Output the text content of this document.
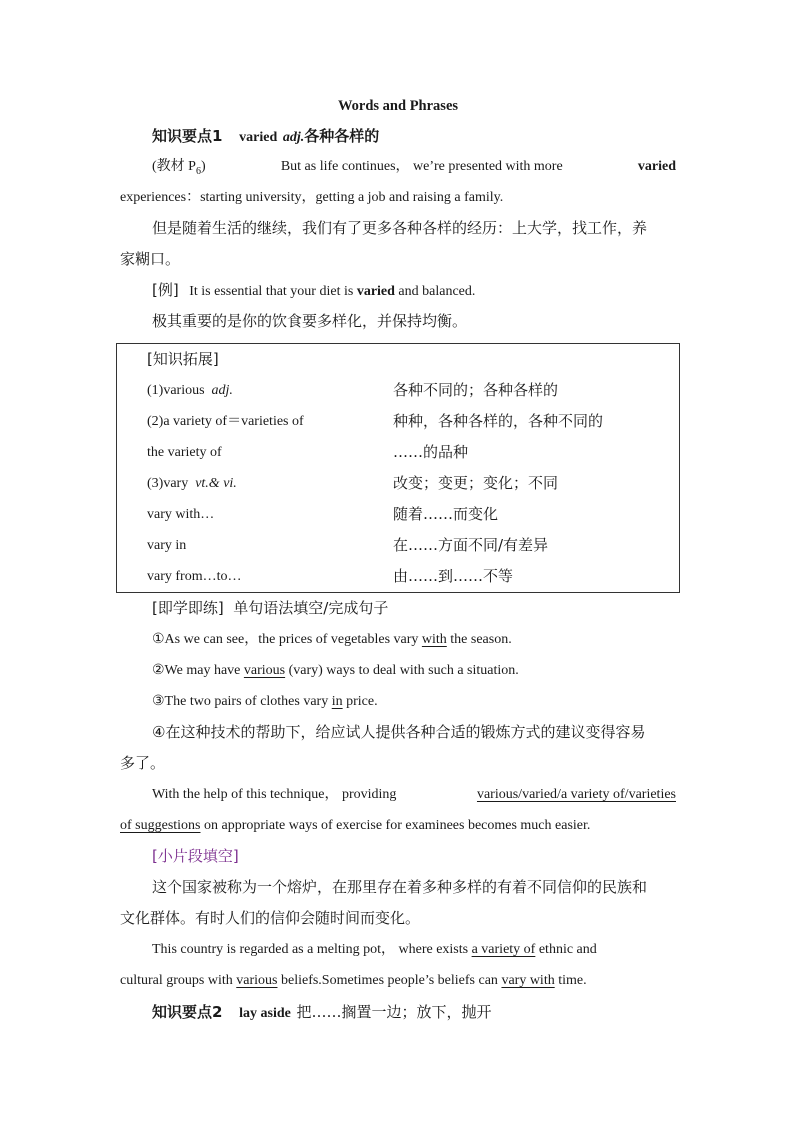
Words and Phrases

知识要点1 varied adj.各种各样的
(教材 $P_6$)	But as life continues， we’re presented with more	varied
experiences：starting university，getting a job and raising a family.
但是随着生活的继续，我们有了更多各种各样的经历：上大学，找工作，养
家糊口。
[例] It is essential that your diet is varied and balanced.
极其重要的是你的饮食要多样化，并保持均衡。
[知识拓展]
(1)various adj.	各种不同的；各种各样的
(2)a variety of＝varieties of	种种，各种各样的，各种不同的
the variety of	……的品种
(3)vary vt.& vi.	改变；变更；变化；不同
vary with…	随着……而变化
vary in	在……方面不同/有差异
vary from…to…	由……到……不等
[即学即练] 单句语法填空/完成句子
①As we can see，the prices of vegetables vary with the season.
②We may have various (vary) ways to deal with such a situation.
③The two pairs of clothes vary in price.
④在这种技术的帮助下，给应试人提供各种合适的锻炼方式的建议变得容易
多了。
With the help of this technique， providing	various/varied/a variety of/varieties
of suggestions on appropriate ways of exercise for examinees becomes much easier.
[小片段填空]
这个国家被称为一个熔炉，在那里存在着多种多样的有着不同信仰的民族和
文化群体。有时人们的信仰会随时间而变化。
This country is regarded as a melting pot， where exists a variety of ethnic and
cultural groups with various beliefs.Sometimes people’s beliefs can vary with time.
知识要点2 lay aside 把……搁置一边；放下，抛开
